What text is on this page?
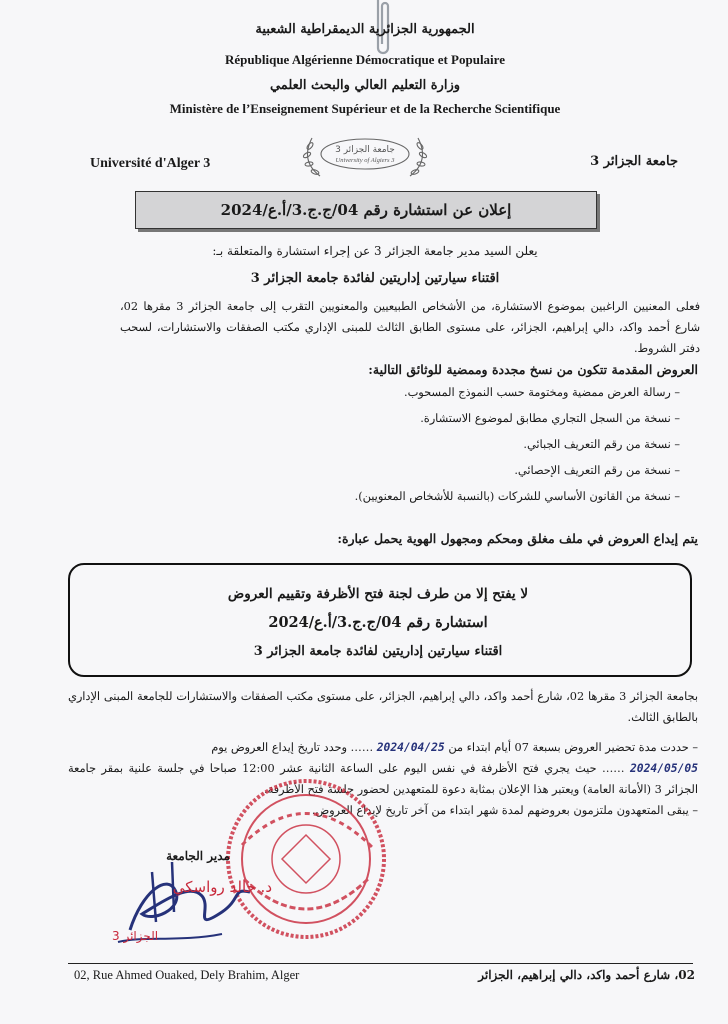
الجمهورية الجزائرية الديمقراطية الشعبية
République Algérienne Démocratique et Populaire
وزارة التعليم العالي والبحث العلمي
Ministère de l’Enseignement Supérieur et de la Recherche Scientifique
Université d'Alger 3	جامعة الجزائر 3
جامعة الجزائر 3
University of Algiers 3
إعلان عن استشارة رقم 04/ج.ج.3/أ.ع/2024
يعلن السيد مدير جامعة الجزائر 3 عن إجراء استشارة والمتعلقة بـ:
اقتناء سيارتين إداريتين لفائدة جامعة الجزائر 3
فعلى المعنيين الراغبين بموضوع الاستشارة، من الأشخاص الطبيعيين والمعنويين التقرب إلى جامعة الجزائر 3 مقرها 02، شارع أحمد واكد، دالي إبراهيم، الجزائر، على مستوى الطابق الثالث للمبنى الإداري مكتب الصفقات والاستشارات، لسحب دفتر الشروط.
العروض المقدمة تتكون من نسخ مجددة وممضية للوثائق التالية:
– رسالة العرض ممضية ومختومة حسب النموذج المسحوب.
– نسخة من السجل التجاري مطابق لموضوع الاستشارة.
– نسخة من رقم التعريف الجبائي.
– نسخة من رقم التعريف الإحصائي.
– نسخة من القانون الأساسي للشركات (بالنسبة للأشخاص المعنويين).
يتم إيداع العروض في ملف مغلق ومحكم ومجهول الهوية يحمل عبارة:
لا يفتح إلا من طرف لجنة فتح الأظرفة وتقييم العروض
استشارة رقم 04/ج.ج.3/أ.ع/2024
اقتناء سيارتين إداريتين لفائدة جامعة الجزائر 3
بجامعة الجزائر 3 مقرها 02، شارع أحمد واكد، دالي إبراهيم، الجزائر، على مستوى مكتب الصفقات والاستشارات للجامعة المبنى الإداري بالطابق الثالث.
– حددت مدة تحضير العروض بسبعة 07 أيام ابتداء من 2024/04/25 …… وحدد تاريخ إيداع العروض يوم
2024/05/05 …… حيث يجري فتح الأظرفة في نفس اليوم على الساعة الثانية عشر 12:00 صباحا في جلسة علنية بمقر جامعة الجزائر 3 (الأمانة العامة) ويعتبر هذا الإعلان بمثابة دعوة للمتعهدين لحضور جلسة فتح الأظرفة.
– يبقى المتعهدون ملتزمون بعروضهم لمدة شهر ابتداء من آخر تاريخ لإيداع العروض.
مدير الجامعة
د. خالد رواسكي
الجزائر 3
02, Rue Ahmed Ouaked, Dely Brahim, Alger	02، شارع أحمد واكد، دالي إبراهيم، الجزائر
